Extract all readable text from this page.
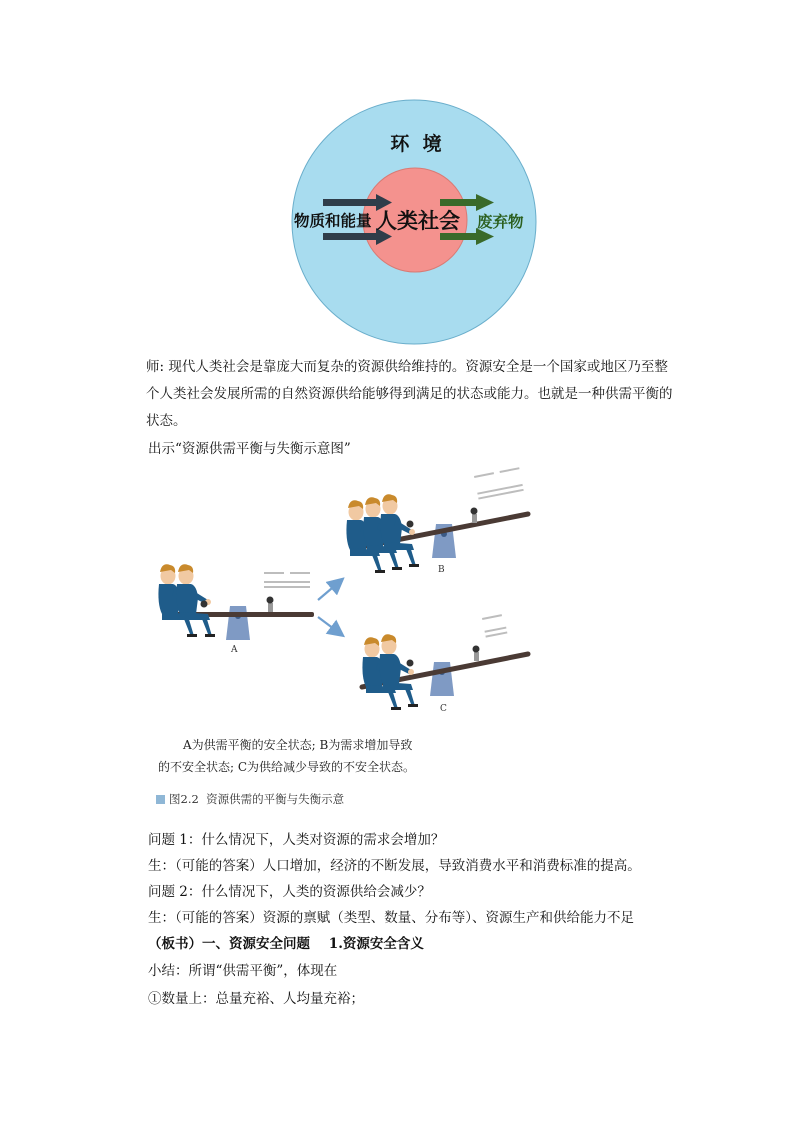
环  境
物质和能量 人类社会 废弃物
师: 现代人类社会是靠庞大而复杂的资源供给维持的。资源安全是一个国家或地区乃至整个人类社会发展所需的自然资源供给能够得到满足的状态或能力。也就是一种供需平衡的状态。
出示“资源供需平衡与失衡示意图”
A
B
C
A为供需平衡的安全状态; B为需求增加导致
的不安全状态; C为供给减少导致的不安全状态。
图2.2  资源供需的平衡与失衡示意
问题 1：什么情况下，人类对资源的需求会增加？
生：（可能的答案）人口增加，经济的不断发展，导致消费水平和消费标准的提高。
问题 2：什么情况下，人类的资源供给会减少？
生：（可能的答案）资源的禀赋（类型、数量、分布等）、资源生产和供给能力不足
（板书）一、资源安全问题    1.资源安全含义
小结：所谓“供需平衡”，体现在
①数量上：总量充裕、人均量充裕；
